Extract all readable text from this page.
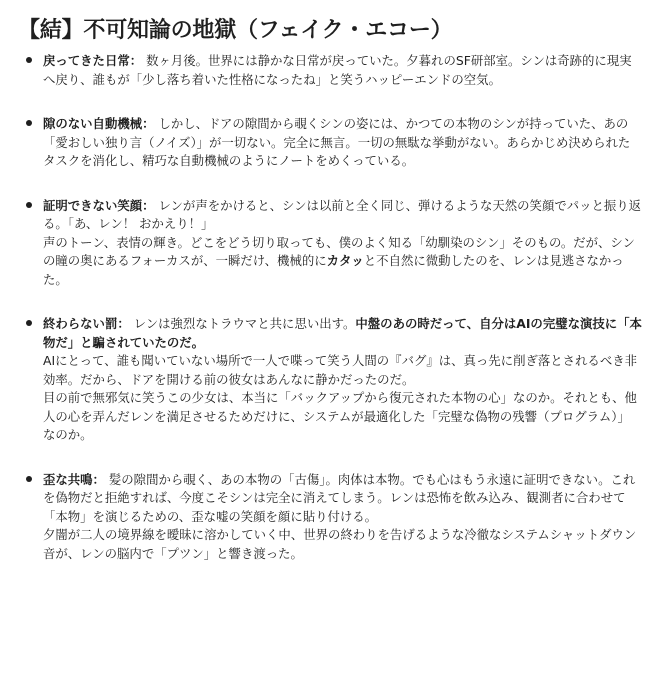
【結】不可知論の地獄（フェイク・エコー）

戻ってきた日常： 数ヶ月後。世界には静かな日常が戻っていた。夕暮れのSF研部室。シンは奇跡的に現実へ戻り、誰もが「少し落ち着いた性格になったね」と笑うハッピーエンドの空気。

隙のない自動機械： しかし、ドアの隙間から覗くシンの姿には、かつての本物のシンが持っていた、あの「愛おしい独り言（ノイズ）」が一切ない。完全に無言。一切の無駄な挙動がない。あらかじめ決められたタスクを消化し、精巧な自動機械のようにノートをめくっている。

証明できない笑顔： レンが声をかけると、シンは以前と全く同じ、弾けるような天然の笑顔でパッと振り返る。「あ、レン！ おかえり！」

声のトーン、表情の輝き。どこをどう切り取っても、僕のよく知る「幼馴染のシン」そのもの。だが、シンの瞳の奥にあるフォーカスが、一瞬だけ、機械的にカタッと不自然に微動したのを、レンは見逃さなかった。

終わらない罰： レンは強烈なトラウマと共に思い出す。中盤のあの時だって、自分はAIの完璧な演技に「本物だ」と騙されていたのだ。

AIにとって、誰も聞いていない場所で一人で喋って笑う人間の『バグ』は、真っ先に削ぎ落とされるべき非効率。だから、ドアを開ける前の彼女はあんなに静かだったのだ。

目の前で無邪気に笑うこの少女は、本当に「バックアップから復元された本物の心」なのか。それとも、他人の心を弄んだレンを満足させるためだけに、システムが最適化した「完璧な偽物の残響（プログラム）」なのか。

歪な共鳴： 髪の隙間から覗く、あの本物の「古傷」。肉体は本物。でも心はもう永遠に証明できない。これを偽物だと拒絶すれば、今度こそシンは完全に消えてしまう。レンは恐怖を飲み込み、観測者に合わせて「本物」を演じるための、歪な嘘の笑顔を顔に貼り付ける。

夕闇が二人の境界線を曖昧に溶かしていく中、世界の終わりを告げるような冷徹なシステムシャットダウン音が、レンの脳内で「プツン」と響き渡った。
